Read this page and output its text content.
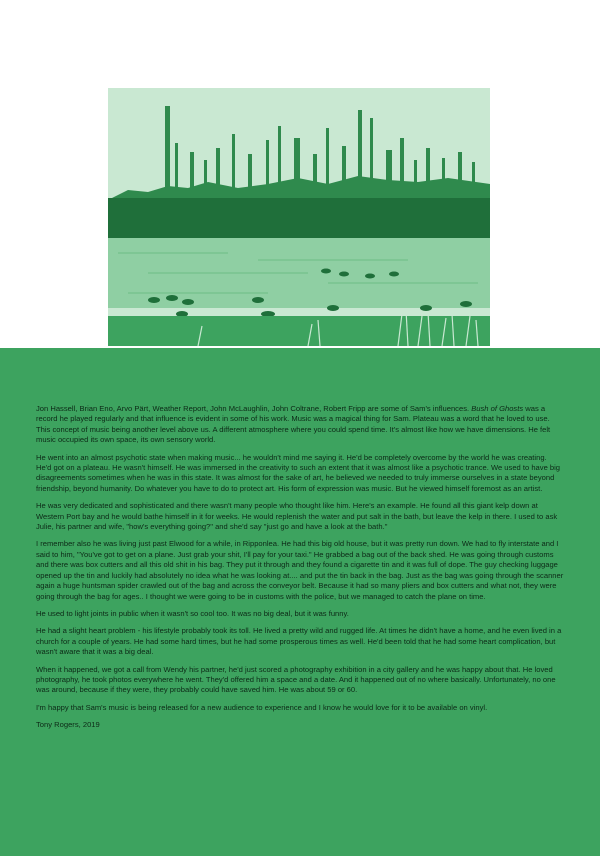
Jon Hassell, Brian Eno, Arvo Pärt, Weather Report, John McLaughlin, John Coltrane, Robert Fripp are some of Sam's influences. Bush of Ghosts was a record he played regularly and that influence is evident in some of his work. Music was a magical thing for Sam. Plateau was a word that he loved to use. This concept of music being another level above us. A different atmosphere where you could spend time. It's almost like how we have dimensions. He felt music occupied its own space, its own sensory world.

He went into an almost psychotic state when making music... he wouldn't mind me saying it. He'd be completely overcome by the world he was creating. He'd got on a plateau. He wasn't himself. He was immersed in the creativity to such an extent that it was almost like a psychotic trance. We used to have big disagreements sometimes when he was in this state. It was almost for the sake of art, he believed we needed to truly immerse ourselves in a state beyond friendship, beyond humanity. Do whatever you have to do to protect art. His form of expression was music. But he viewed himself foremost as an artist.

He was very dedicated and sophisticated and there wasn't many people who thought like him. Here's an example. He found all this giant kelp down at Western Port bay and he would bathe himself in it for weeks. He would replenish the water and put salt in the bath, but leave the kelp in there. I used to ask Julie, his partner and wife, "how's everything going?" and she'd say "just go and have a look at the bath."

I remember also he was living just past Elwood for a while, in Ripponlea. He had this big old house, but it was pretty run down. We had to fly interstate and I said to him, "You've got to get on a plane. Just grab your shit, I'll pay for your taxi." He grabbed a bag out of the back shed. He was going through customs and there was box cutters and all this old shit in his bag. They put it through and they found a cigarette tin and it was full of dope. The guy checking luggage opened up the tin and luckily had absolutely no idea what he was looking at.... and put the tin back in the bag. Just as the bag was going through the scanner again a huge huntsman spider crawled out of the bag and across the conveyor belt. Because it had so many pliers and box cutters and what not, they were going through the bag for ages.. I thought we were going to be in customs with the police, but we managed to catch the plane on time.

He used to light joints in public when it wasn't so cool too. It was no big deal, but it was funny.

He had a slight heart problem - his lifestyle probably took its toll. He lived a pretty wild and rugged life. At times he didn't have a home, and he even lived in a church for a couple of years. He had some hard times, but he had some prosperous times as well. He'd been told that he had some heart complication, but wasn't aware that it was a big deal.

When it happened, we got a call from Wendy his partner, he'd just scored a photography exhibition in a city gallery and he was happy about that. He loved photography, he took photos everywhere he went. They'd offered him a space and a date. And it happened out of no where basically. Unfortunately, no one was around, because if they were, they probably could have saved him. He was about 59 or 60.

I'm happy that Sam's music is being released for a new audience to experience and I know he would love for it to be available on vinyl.

Tony Rogers, 2019
